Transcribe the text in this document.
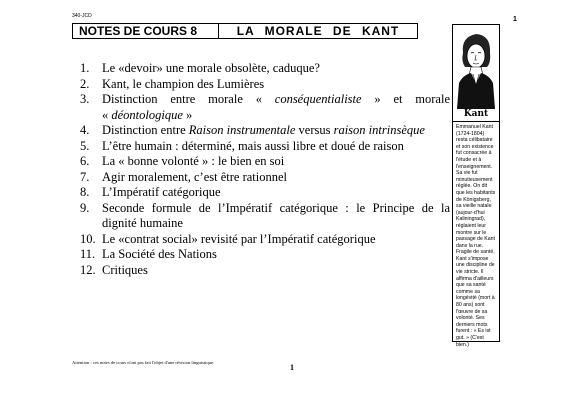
340-JCD	1
NOTES DE COURS 8	LA MORALE DE KANT
1.	Le «devoir» une morale obsolète, caduque?
2.	Kant, le champion des Lumières
3.	Distinction entre morale « conséquentialiste » et morale
« déontologique »
4.	Distinction entre Raison instrumentale versus raison intrinsèque
5.	L’être humain : déterminé, mais aussi libre et doué de raison
6.	La « bonne volonté » : le bien en soi
7.	Agir moralement, c’est être rationnel
8.	L’Impératif catégorique
9.	Seconde formule de l’Impératif catégorique : le Principe de la
dignité humaine
10. Le «contrat social» revisité par l’Impératif catégorique
11. La Société des Nations
12. Critiques
Kant
Emmanuel Kant (1724-1804) resta célibataire et son existence fut consacrée à l'étude et à l'enseignement. Sa vie fut minutieusement réglée. On dit que les habitants de Königsberg, sa vieille natale (aujour-d'hui Kaliningrad), réglaient leur montre sur le passage de Kant dans la rue. Fragile de santé, Kant s'impose une discipline de vie stricte. Il affirma d'ailleurs que sa santé comme sa longévité (mort à 80 ans) sont l'œuvre de sa volonté. Ses derniers mots furent : « Es ist gut. » (C'est bien.)
Attention : ces notes de cours n'ont pas fait l'objet d'une révision linguistique.
1
